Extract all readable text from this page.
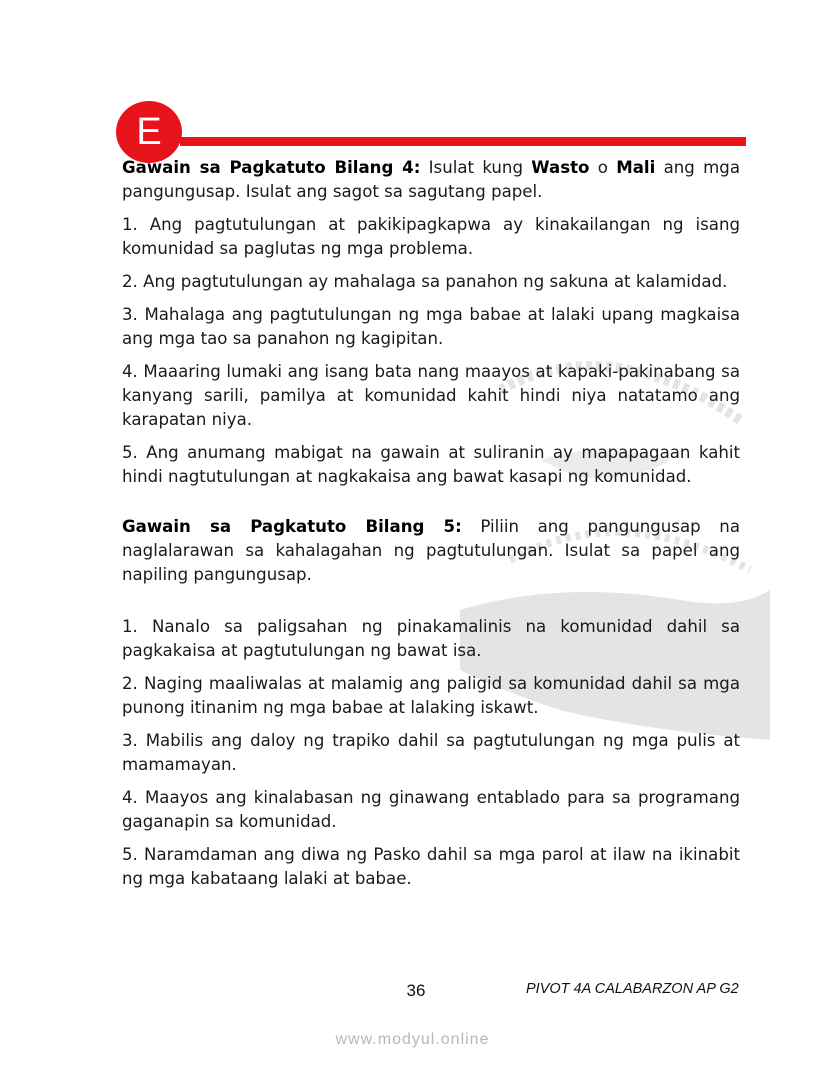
E

Gawain sa Pagkatuto Bilang 4: Isulat kung Wasto o Mali ang mga pangungusap. Isulat ang sagot sa sagutang papel.

1. Ang pagtutulungan at pakikipagkapwa ay kinakailangan ng isang komunidad sa paglutas ng mga problema.

2. Ang pagtutulungan ay mahalaga sa panahon ng sakuna at kalamidad.

3. Mahalaga ang pagtutulungan ng mga babae at lalaki upang magkaisa ang mga tao sa panahon ng kagipitan.

4. Maaaring lumaki ang isang bata nang maayos at kapaki-pakinabang sa kanyang sarili, pamilya at komunidad kahit hindi niya natatamo ang karapatan niya.

5. Ang anumang mabigat na gawain at suliranin ay mapapagaan kahit hindi nagtutulungan at nagkakaisa ang bawat kasapi ng komunidad.

Gawain sa Pagkatuto Bilang 5: Piliin ang pangungusap na naglalarawan sa kahalagahan ng pagtutulungan. Isulat sa papel ang napiling pangungusap.

1. Nanalo sa paligsahan ng pinakamalinis na komunidad dahil sa pagkakaisa at pagtutulungan ng bawat isa.

2. Naging maaliwalas at malamig ang paligid sa komunidad dahil sa mga punong itinanim ng mga babae at lalaking iskawt.

3. Mabilis ang daloy ng trapiko dahil sa pagtutulungan ng mga pulis at mamamayan.

4. Maayos ang kinalabasan ng ginawang entablado para sa programang gaganapin sa komunidad.

5. Naramdaman ang diwa ng Pasko dahil sa mga parol at ilaw na ikinabit ng mga kabataang lalaki at babae.

36	PIVOT 4A CALABARZON AP G2
www.modyul.online
